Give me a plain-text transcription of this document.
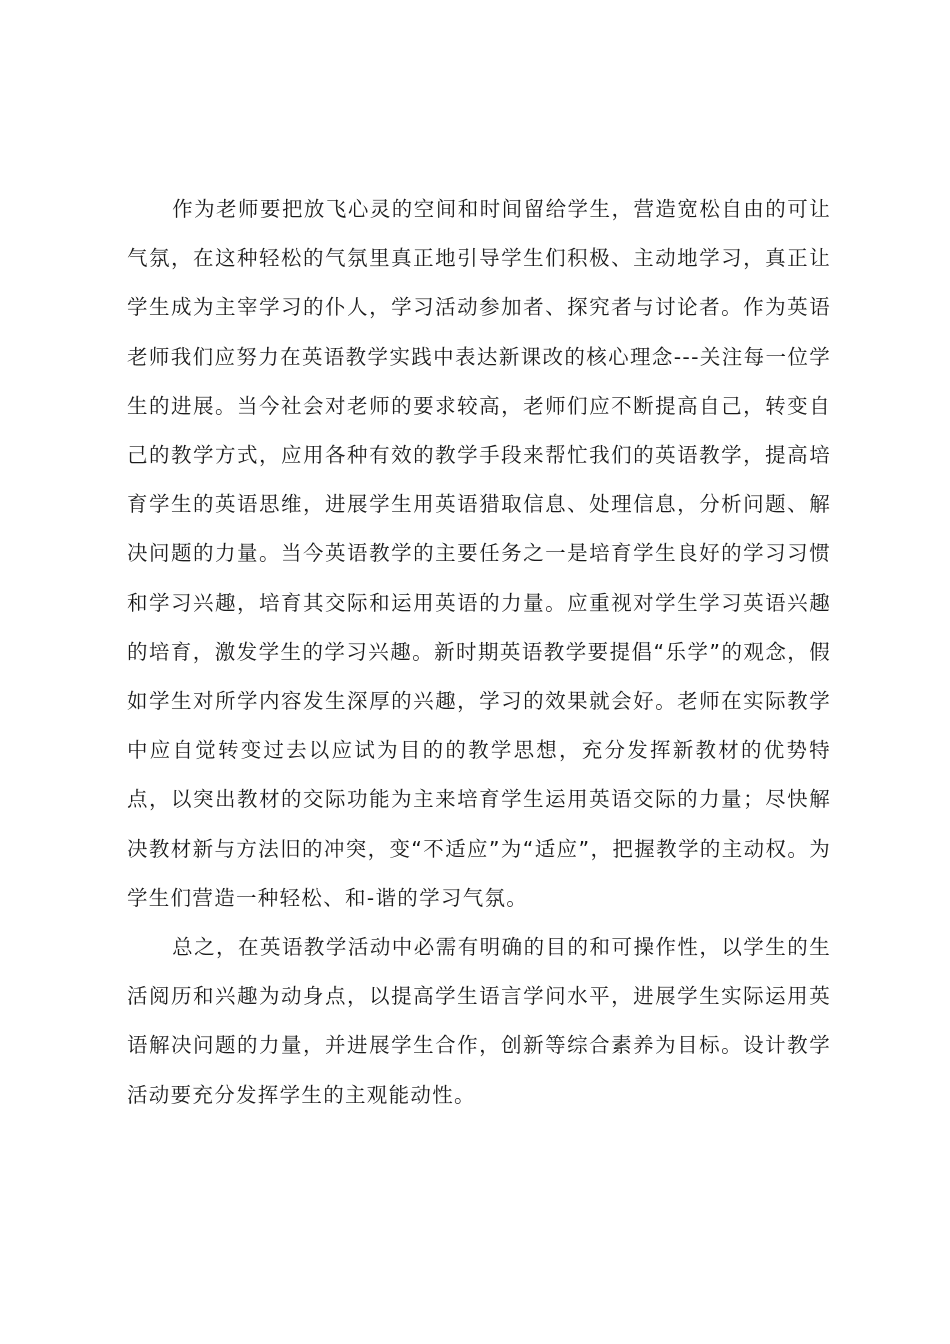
作为老师要把放飞心灵的空间和时间留给学生，营造宽松自由的可让气氛，在这种轻松的气氛里真正地引导学生们积极、主动地学习，真正让学生成为主宰学习的仆人，学习活动参加者、探究者与讨论者。作为英语老师我们应努力在英语教学实践中表达新课改的核心理念---关注每一位学生的进展。当今社会对老师的要求较高，老师们应不断提高自己，转变自己的教学方式，应用各种有效的教学手段来帮忙我们的英语教学，提高培育学生的英语思维，进展学生用英语猎取信息、处理信息，分析问题、解决问题的力量。当今英语教学的主要任务之一是培育学生良好的学习习惯和学习兴趣，培育其交际和运用英语的力量。应重视对学生学习英语兴趣的培育，激发学生的学习兴趣。新时期英语教学要提倡“乐学”的观念，假如学生对所学内容发生深厚的兴趣，学习的效果就会好。老师在实际教学中应自觉转变过去以应试为目的的教学思想，充分发挥新教材的优势特点，以突出教材的交际功能为主来培育学生运用英语交际的力量；尽快解决教材新与方法旧的冲突，变“不适应”为“适应”，把握教学的主动权。为学生们营造一种轻松、和-谐的学习气氛。

总之，在英语教学活动中必需有明确的目的和可操作性，以学生的生活阅历和兴趣为动身点，以提高学生语言学问水平，进展学生实际运用英语解决问题的力量，并进展学生合作，创新等综合素养为目标。设计教学活动要充分发挥学生的主观能动性。
